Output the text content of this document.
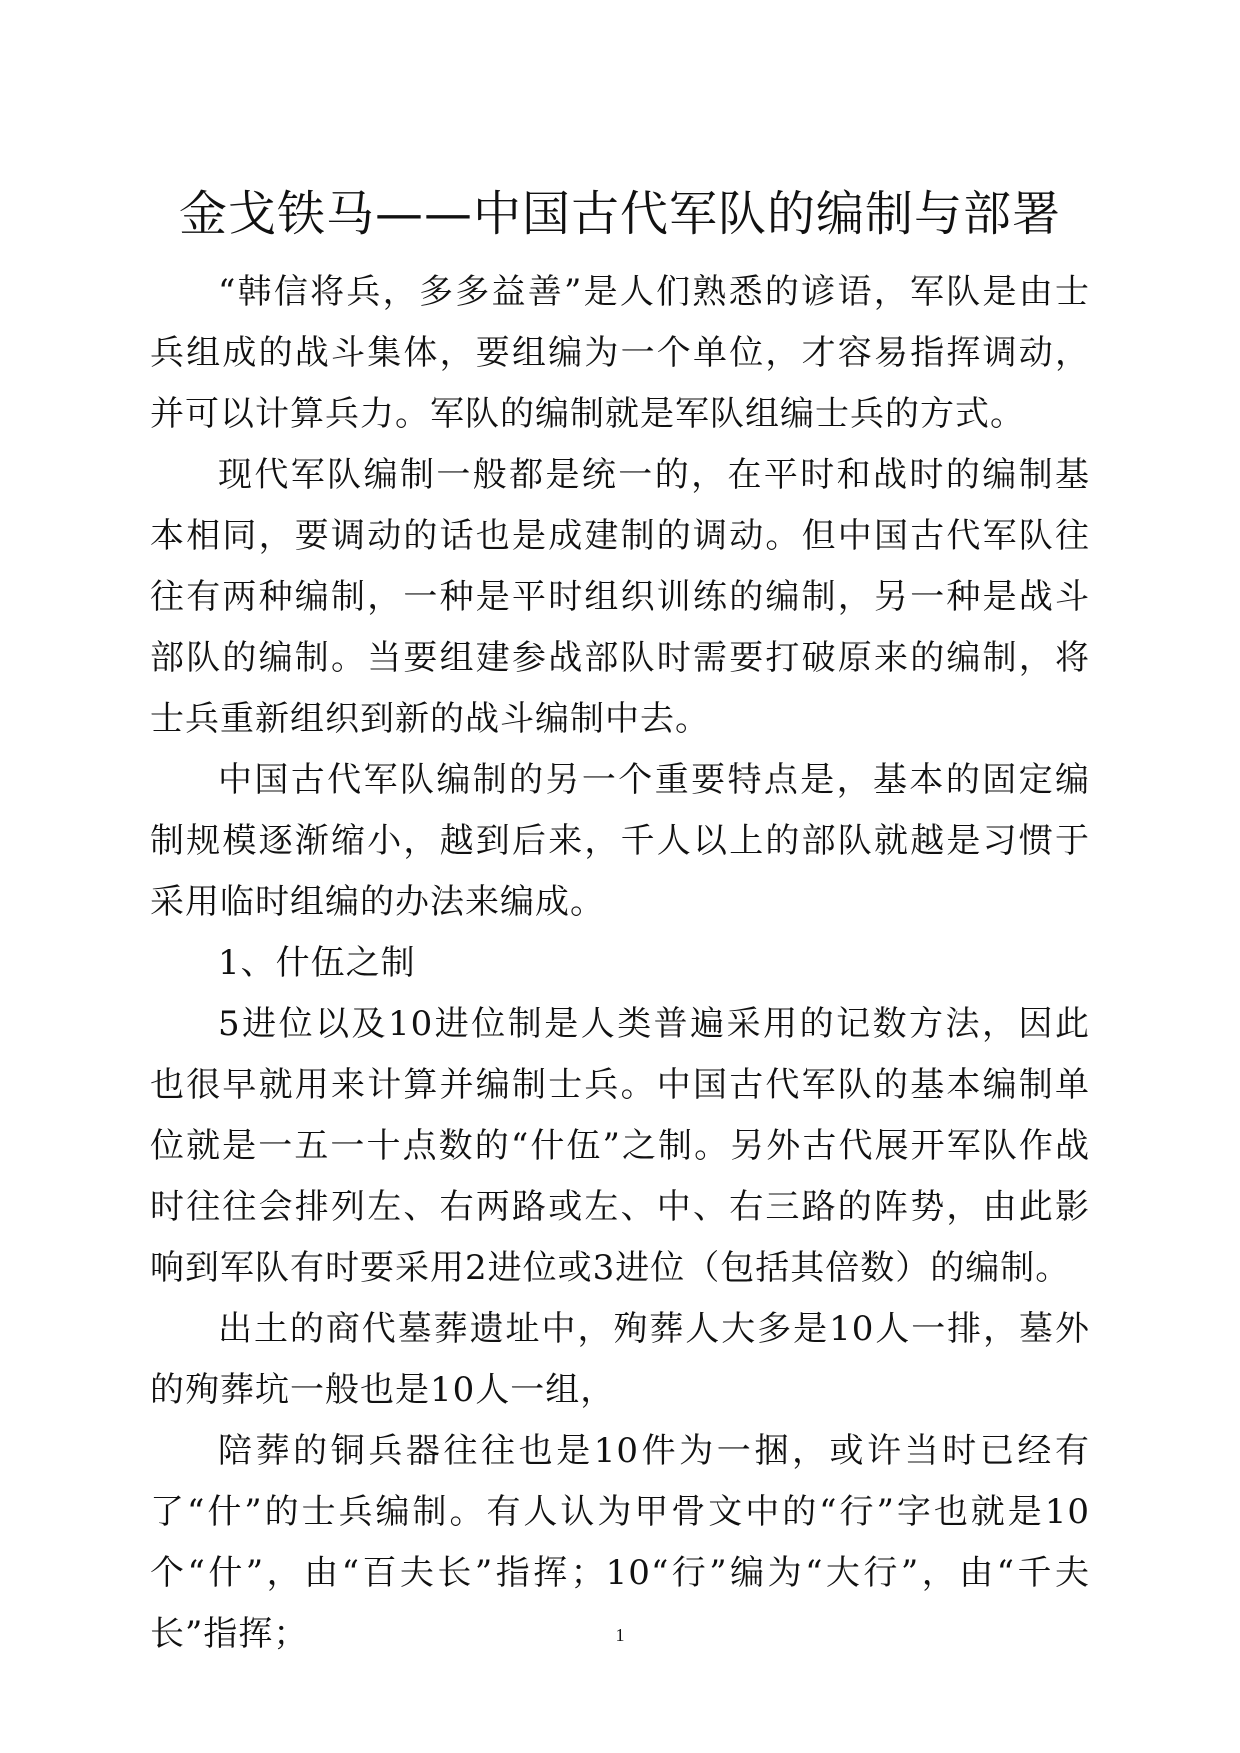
金戈铁马——中国古代军队的编制与部署

“韩信将兵，多多益善”是人们熟悉的谚语，军队是由士兵组成的战斗集体，要组编为一个单位，才容易指挥调动，并可以计算兵力。军队的编制就是军队组编士兵的方式。

现代军队编制一般都是统一的，在平时和战时的编制基本相同，要调动的话也是成建制的调动。但中国古代军队往往有两种编制，一种是平时组织训练的编制，另一种是战斗部队的编制。当要组建参战部队时需要打破原来的编制，将士兵重新组织到新的战斗编制中去。

中国古代军队编制的另一个重要特点是，基本的固定编制规模逐渐缩小，越到后来，千人以上的部队就越是习惯于采用临时组编的办法来编成。

1、什伍之制

5进位以及10进位制是人类普遍采用的记数方法，因此也很早就用来计算并编制士兵。中国古代军队的基本编制单位就是一五一十点数的“什伍”之制。另外古代展开军队作战时往往会排列左、右两路或左、中、右三路的阵势，由此影响到军队有时要采用2进位或3进位（包括其倍数）的编制。

出土的商代墓葬遗址中，殉葬人大多是10人一排，墓外的殉葬坑一般也是10人一组，

陪葬的铜兵器往往也是10件为一捆，或许当时已经有了“什”的士兵编制。有人认为甲骨文中的“行”字也就是10个“什”，由“百夫长”指挥；10“行”编为“大行”，由“千夫长”指挥；	1
